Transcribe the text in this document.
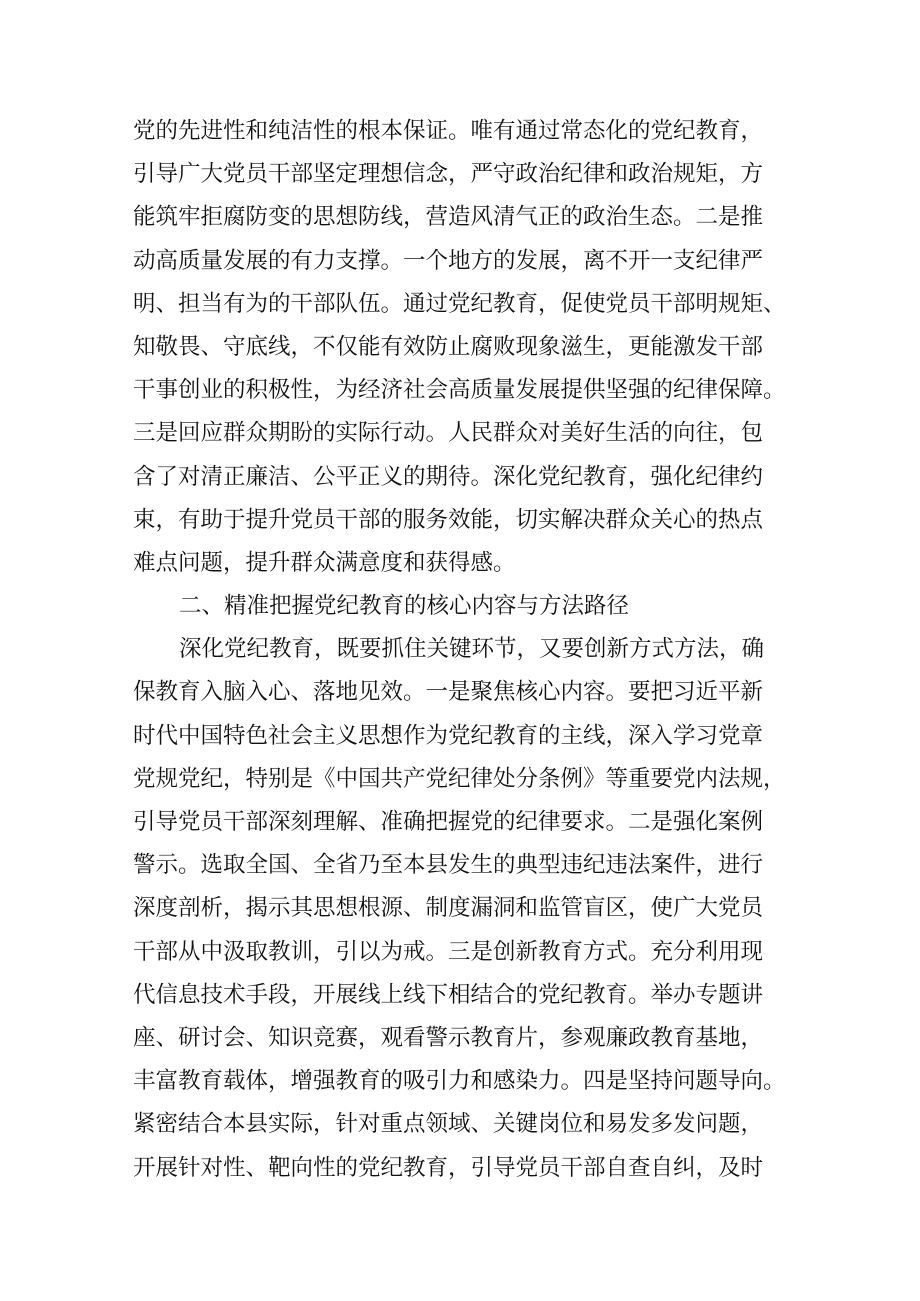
党的先进性和纯洁性的根本保证。唯有通过常态化的党纪教育，
引导广大党员干部坚定理想信念，严守政治纪律和政治规矩，方
能筑牢拒腐防变的思想防线，营造风清气正的政治生态。二是推
动高质量发展的有力支撑。一个地方的发展，离不开一支纪律严
明、担当有为的干部队伍。通过党纪教育，促使党员干部明规矩、
知敬畏、守底线，不仅能有效防止腐败现象滋生，更能激发干部
干事创业的积极性，为经济社会高质量发展提供坚强的纪律保障。
三是回应群众期盼的实际行动。人民群众对美好生活的向往，包
含了对清正廉洁、公平正义的期待。深化党纪教育，强化纪律约
束，有助于提升党员干部的服务效能，切实解决群众关心的热点
难点问题，提升群众满意度和获得感。
二、精准把握党纪教育的核心内容与方法路径
深化党纪教育，既要抓住关键环节，又要创新方式方法，确
保教育入脑入心、落地见效。一是聚焦核心内容。要把习近平新
时代中国特色社会主义思想作为党纪教育的主线，深入学习党章
党规党纪，特别是《中国共产党纪律处分条例》等重要党内法规，
引导党员干部深刻理解、准确把握党的纪律要求。二是强化案例
警示。选取全国、全省乃至本县发生的典型违纪违法案件，进行
深度剖析，揭示其思想根源、制度漏洞和监管盲区，使广大党员
干部从中汲取教训，引以为戒。三是创新教育方式。充分利用现
代信息技术手段，开展线上线下相结合的党纪教育。举办专题讲
座、研讨会、知识竞赛，观看警示教育片，参观廉政教育基地，
丰富教育载体，增强教育的吸引力和感染力。四是坚持问题导向。
紧密结合本县实际，针对重点领域、关键岗位和易发多发问题，
开展针对性、靶向性的党纪教育，引导党员干部自查自纠，及时
